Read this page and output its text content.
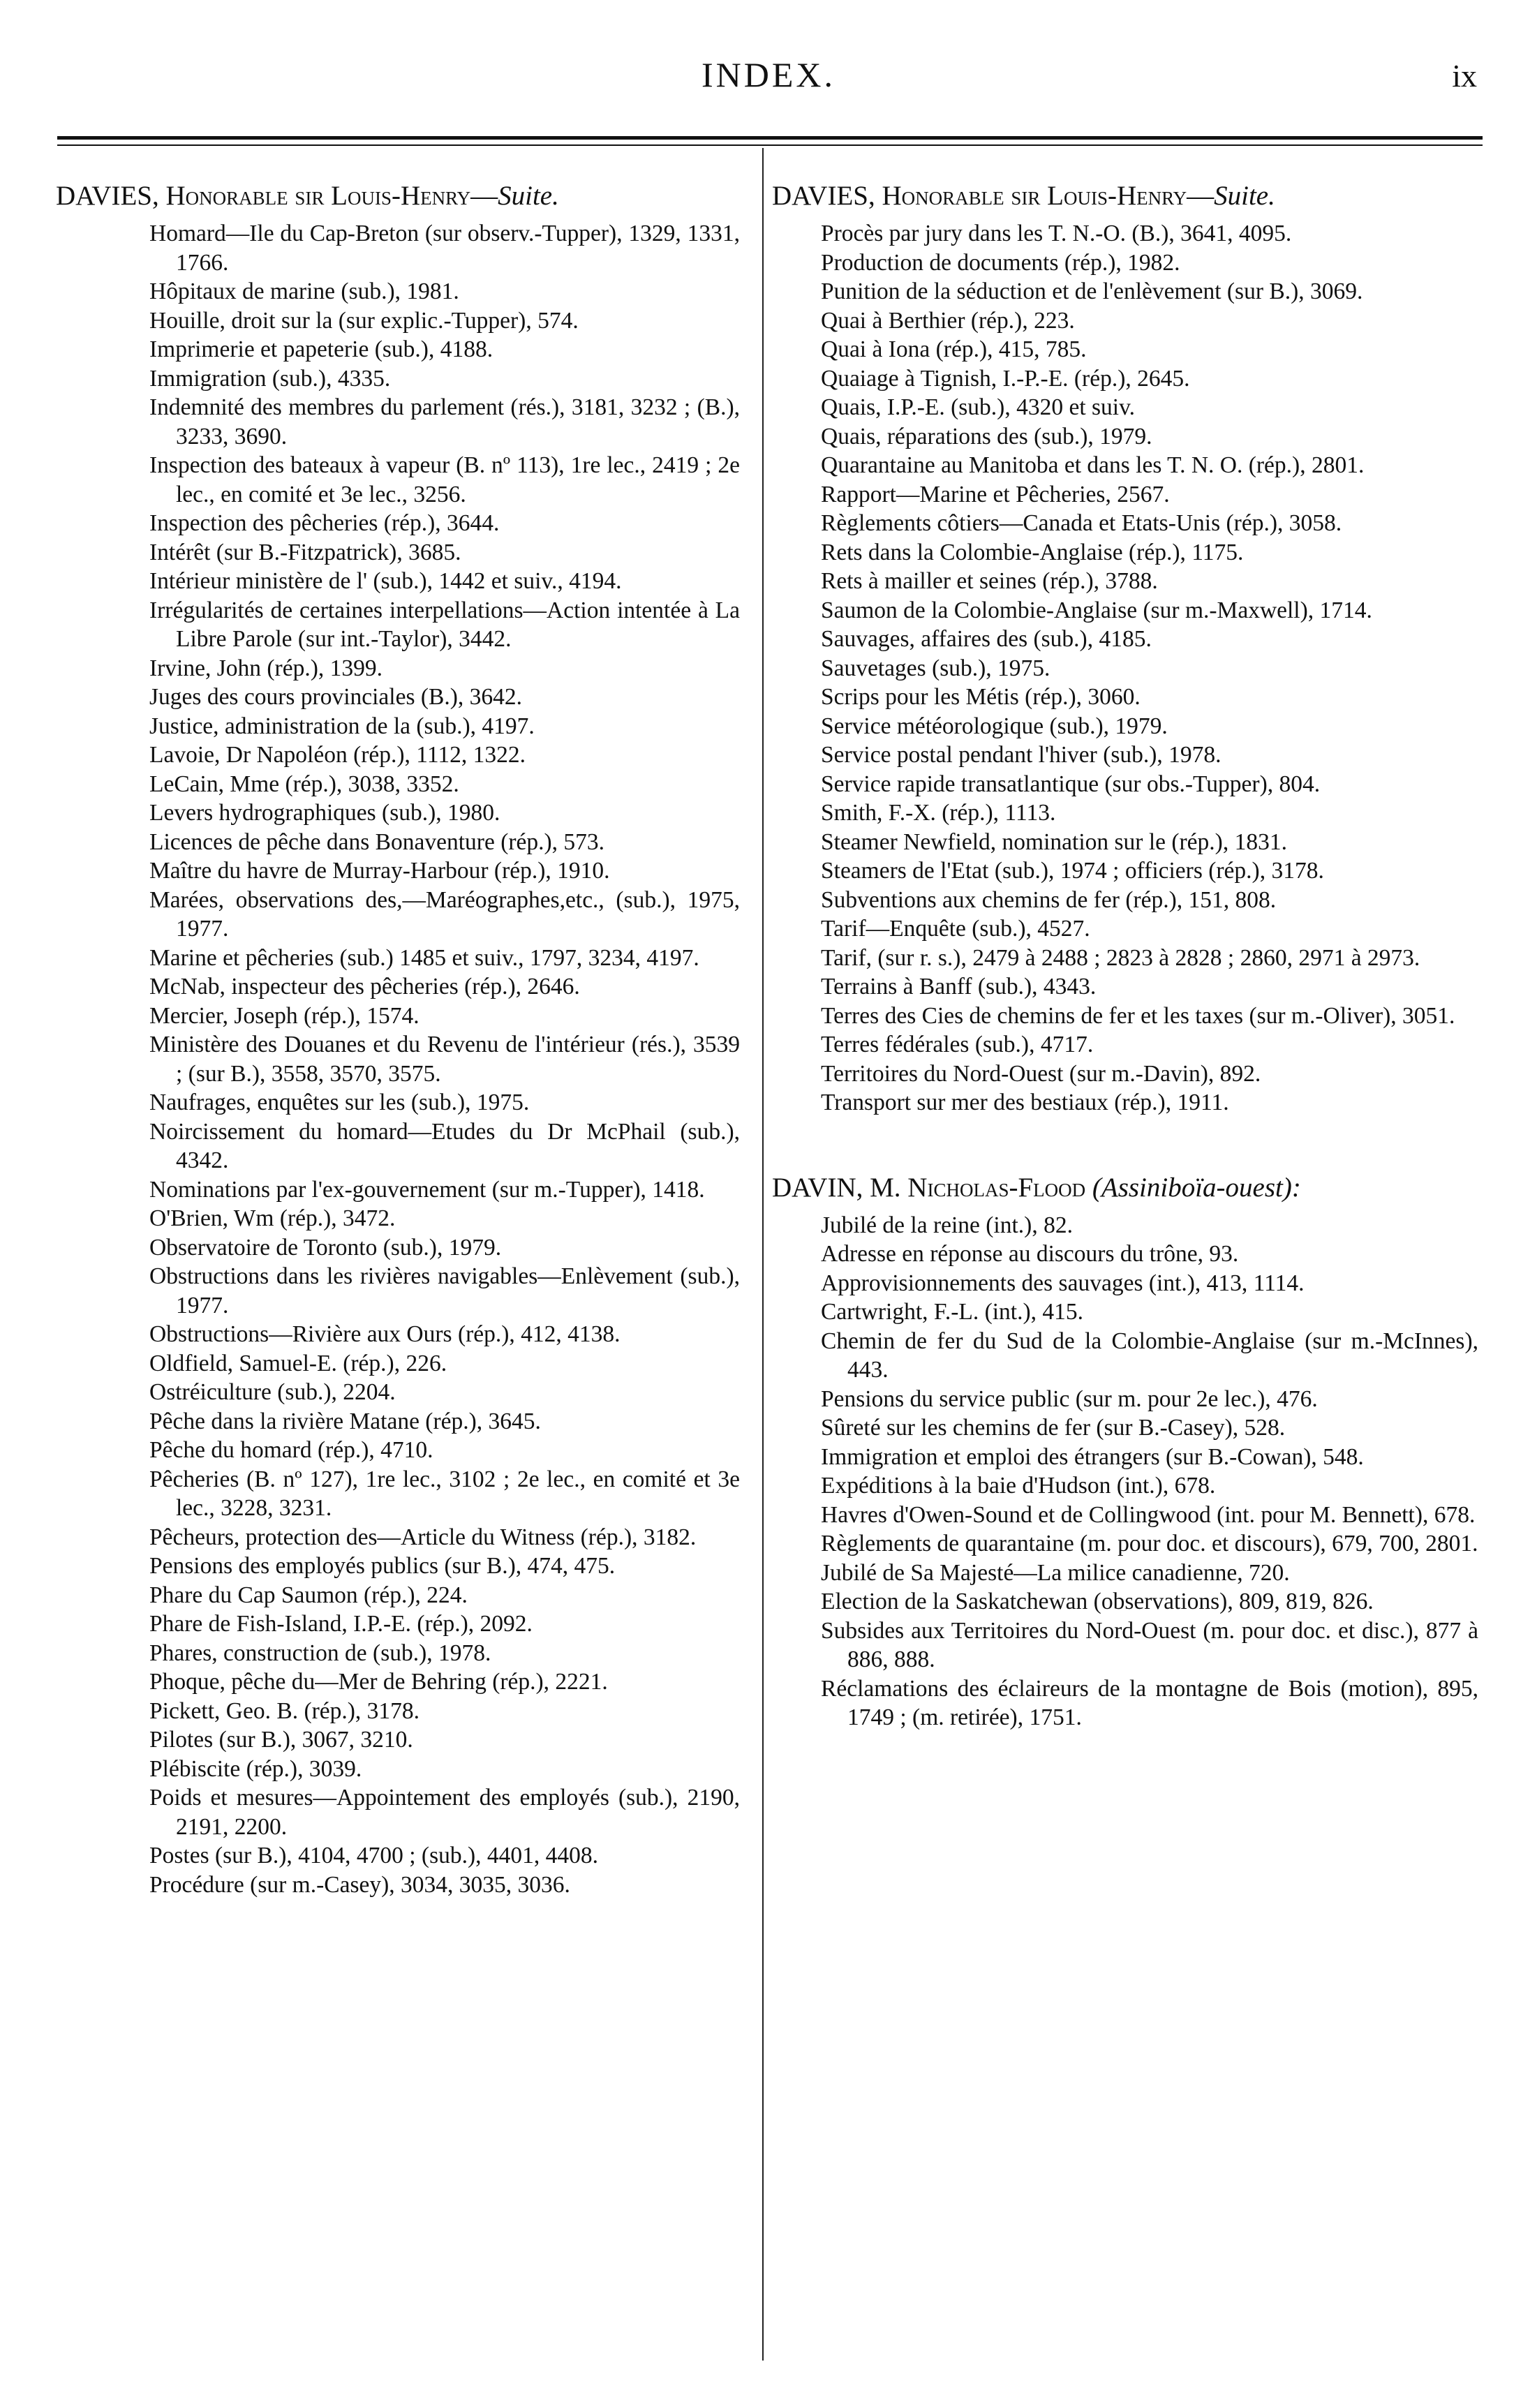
INDEX.	ix
DAVIES, Honorable sir Louis-Henry—Suite.
Homard—Ile du Cap-Breton (sur observ.-Tupper), 1329, 1331, 1766.
Hôpitaux de marine (sub.), 1981.
Houille, droit sur la (sur explic.-Tupper), 574.
Imprimerie et papeterie (sub.), 4188.
Immigration (sub.), 4335.
Indemnité des membres du parlement (rés.), 3181, 3232 ; (B.), 3233, 3690.
Inspection des bateaux à vapeur (B. nº 113), 1re lec., 2419 ; 2e lec., en comité et 3e lec., 3256.
Inspection des pêcheries (rép.), 3644.
Intérêt (sur B.-Fitzpatrick), 3685.
Intérieur ministère de l' (sub.), 1442 et suiv., 4194.
Irrégularités de certaines interpellations—Action intentée à La Libre Parole (sur int.-Taylor), 3442.
Irvine, John (rép.), 1399.
Juges des cours provinciales (B.), 3642.
Justice, administration de la (sub.), 4197.
Lavoie, Dr Napoléon (rép.), 1112, 1322.
LeCain, Mme (rép.), 3038, 3352.
Levers hydrographiques (sub.), 1980.
Licences de pêche dans Bonaventure (rép.), 573.
Maître du havre de Murray-Harbour (rép.), 1910.
Marées, observations des,—Maréographes,etc., (sub.), 1975, 1977.
Marine et pêcheries (sub.) 1485 et suiv., 1797, 3234, 4197.
McNab, inspecteur des pêcheries (rép.), 2646.
Mercier, Joseph (rép.), 1574.
Ministère des Douanes et du Revenu de l'intérieur (rés.), 3539 ; (sur B.), 3558, 3570, 3575.
Naufrages, enquêtes sur les (sub.), 1975.
Noircissement du homard—Etudes du Dr McPhail (sub.), 4342.
Nominations par l'ex-gouvernement (sur m.-Tupper), 1418.
O'Brien, Wm (rép.), 3472.
Observatoire de Toronto (sub.), 1979.
Obstructions dans les rivières navigables—Enlèvement (sub.), 1977.
Obstructions—Rivière aux Ours (rép.), 412, 4138.
Oldfield, Samuel-E. (rép.), 226.
Ostréiculture (sub.), 2204.
Pêche dans la rivière Matane (rép.), 3645.
Pêche du homard (rép.), 4710.
Pêcheries (B. nº 127), 1re lec., 3102 ; 2e lec., en comité et 3e lec., 3228, 3231.
Pêcheurs, protection des—Article du Witness (rép.), 3182.
Pensions des employés publics (sur B.), 474, 475.
Phare du Cap Saumon (rép.), 224.
Phare de Fish-Island, I.P.-E. (rép.), 2092.
Phares, construction de (sub.), 1978.
Phoque, pêche du—Mer de Behring (rép.), 2221.
Pickett, Geo. B. (rép.), 3178.
Pilotes (sur B.), 3067, 3210.
Plébiscite (rép.), 3039.
Poids et mesures—Appointement des employés (sub.), 2190, 2191, 2200.
Postes (sur B.), 4104, 4700 ; (sub.), 4401, 4408.
Procédure (sur m.-Casey), 3034, 3035, 3036.
DAVIES, Honorable sir Louis-Henry—Suite.
Procès par jury dans les T. N.-O. (B.), 3641, 4095.
Production de documents (rép.), 1982.
Punition de la séduction et de l'enlèvement (sur B.), 3069.
Quai à Berthier (rép.), 223.
Quai à Iona (rép.), 415, 785.
Quaiage à Tignish, I.-P.-E. (rép.), 2645.
Quais, I.P.-E. (sub.), 4320 et suiv.
Quais, réparations des (sub.), 1979.
Quarantaine au Manitoba et dans les T. N. O. (rép.), 2801.
Rapport—Marine et Pêcheries, 2567.
Règlements côtiers—Canada et Etats-Unis (rép.), 3058.
Rets dans la Colombie-Anglaise (rép.), 1175.
Rets à mailler et seines (rép.), 3788.
Saumon de la Colombie-Anglaise (sur m.-Maxwell), 1714.
Sauvages, affaires des (sub.), 4185.
Sauvetages (sub.), 1975.
Scrips pour les Métis (rép.), 3060.
Service météorologique (sub.), 1979.
Service postal pendant l'hiver (sub.), 1978.
Service rapide transatlantique (sur obs.-Tupper), 804.
Smith, F.-X. (rép.), 1113.
Steamer Newfield, nomination sur le (rép.), 1831.
Steamers de l'Etat (sub.), 1974 ; officiers (rép.), 3178.
Subventions aux chemins de fer (rép.), 151, 808.
Tarif—Enquête (sub.), 4527.
Tarif, (sur r. s.), 2479 à 2488 ; 2823 à 2828 ; 2860, 2971 à 2973.
Terrains à Banff (sub.), 4343.
Terres des Cies de chemins de fer et les taxes (sur m.-Oliver), 3051.
Terres fédérales (sub.), 4717.
Territoires du Nord-Ouest (sur m.-Davin), 892.
Transport sur mer des bestiaux (rép.), 1911.
DAVIN, M. Nicholas-Flood (Assiniboïa-ouest):
Jubilé de la reine (int.), 82.
Adresse en réponse au discours du trône, 93.
Approvisionnements des sauvages (int.), 413, 1114.
Cartwright, F.-L. (int.), 415.
Chemin de fer du Sud de la Colombie-Anglaise (sur m.-McInnes), 443.
Pensions du service public (sur m. pour 2e lec.), 476.
Sûreté sur les chemins de fer (sur B.-Casey), 528.
Immigration et emploi des étrangers (sur B.-Cowan), 548.
Expéditions à la baie d'Hudson (int.), 678.
Havres d'Owen-Sound et de Collingwood (int. pour M. Bennett), 678.
Règlements de quarantaine (m. pour doc. et discours), 679, 700, 2801.
Jubilé de Sa Majesté—La milice canadienne, 720.
Election de la Saskatchewan (observations), 809, 819, 826.
Subsides aux Territoires du Nord-Ouest (m. pour doc. et disc.), 877 à 886, 888.
Réclamations des éclaireurs de la montagne de Bois (motion), 895, 1749 ; (m. retirée), 1751.
